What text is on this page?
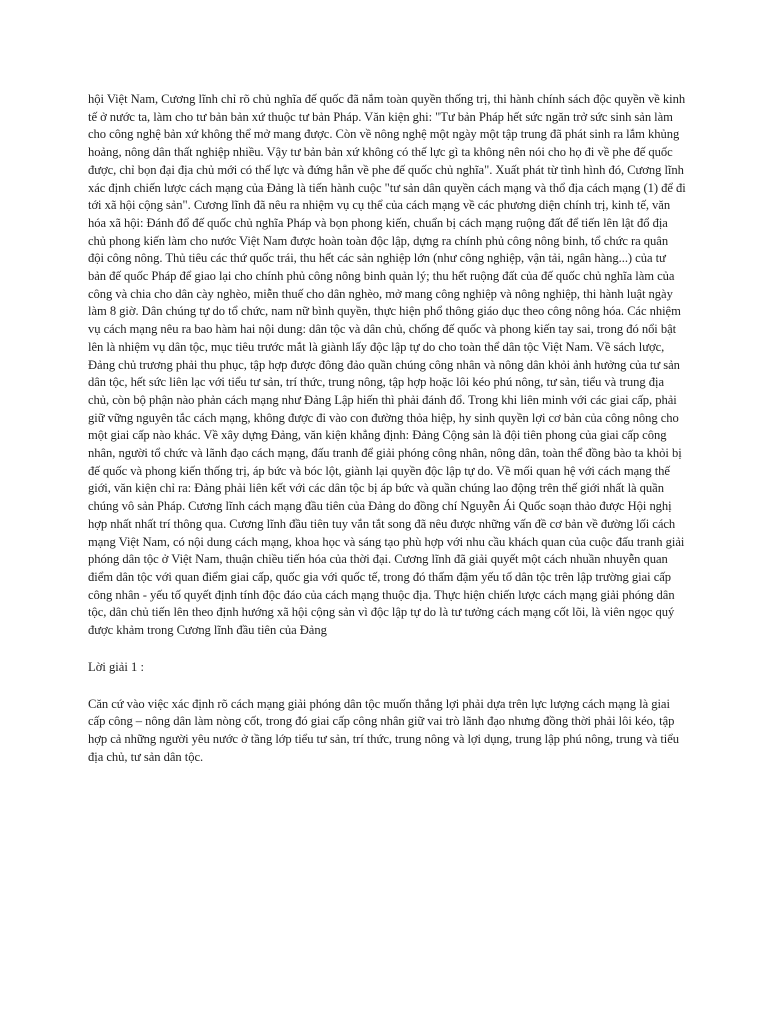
hội Việt Nam, Cương lĩnh chỉ rõ chủ nghĩa đế quốc đã nắm toàn quyền thống trị, thi hành chính sách độc quyền về kinh tế ở nước ta, làm cho tư bản bản xứ thuộc tư bản Pháp. Văn kiện ghi: "Tư bản Pháp hết sức ngăn trở sức sinh sản làm cho công nghệ bản xứ không thể mở mang được. Còn về nông nghệ một ngày một tập trung đã phát sinh ra lắm khủng hoảng, nông dân thất nghiệp nhiều. Vậy tư bản bản xứ không có thế lực gì ta không nên nói cho họ đi về phe đế quốc được, chỉ bọn đại địa chủ mới có thế lực và đứng hẳn về phe đế quốc chủ nghĩa". Xuất phát từ tình hình đó, Cương lĩnh xác định chiến lược cách mạng của Đảng là tiến hành cuộc "tư sản dân quyền cách mạng và thổ địa cách mạng (1) để đi tới xã hội cộng sản". Cương lĩnh đã nêu ra nhiệm vụ cụ thể của cách mạng về các phương diện chính trị, kinh tế, văn hóa xã hội: Đánh đổ đế quốc chủ nghĩa Pháp và bọn phong kiến, chuẩn bị cách mạng ruộng đất để tiến lên lật đổ địa chủ phong kiến làm cho nước Việt Nam được hoàn toàn độc lập, dựng ra chính phủ công nông binh, tổ chức ra quân đội công nông. Thủ tiêu các thứ quốc trái, thu hết các sản nghiệp lớn (như công nghiệp, vận tải, ngân hàng...) của tư bản đế quốc Pháp để giao lại cho chính phủ công nông binh quản lý; thu hết ruộng đất của đế quốc chủ nghĩa làm của công và chia cho dân cày nghèo, miễn thuế cho dân nghèo, mở mang công nghiệp và nông nghiệp, thi hành luật ngày làm 8 giờ. Dân chúng tự do tổ chức, nam nữ bình quyền, thực hiện phổ thông giáo dục theo công nông hóa. Các nhiệm vụ cách mạng nêu ra bao hàm hai nội dung: dân tộc và dân chủ, chống đế quốc và phong kiến tay sai, trong đó nổi bật lên là nhiệm vụ dân tộc, mục tiêu trước mắt là giành lấy độc lập tự do cho toàn thể dân tộc Việt Nam. Về sách lược, Đảng chủ trương phải thu phục, tập hợp được đông đảo quần chúng công nhân và nông dân khỏi ảnh hưởng của tư sản dân tộc, hết sức liên lạc với tiểu tư sản, trí thức, trung nông, tập hợp hoặc lôi kéo phú nông, tư sản, tiểu và trung địa chủ, còn bộ phận nào phản cách mạng như Đảng Lập hiến thì phải đánh đổ. Trong khi liên minh với các giai cấp, phải giữ vững nguyên tắc cách mạng, không được đi vào con đường thỏa hiệp, hy sinh quyền lợi cơ bản của công nông cho một giai cấp nào khác. Về xây dựng Đảng, văn kiện khẳng định: Đảng Cộng sản là đội tiên phong của giai cấp công nhân, người tổ chức và lãnh đạo cách mạng, đấu tranh để giải phóng công nhân, nông dân, toàn thể đồng bào ta khỏi bị đế quốc và phong kiến thống trị, áp bức và bóc lột, giành lại quyền độc lập tự do. Về mối quan hệ với cách mạng thế giới, văn kiện chỉ ra: Đảng phải liên kết với các dân tộc bị áp bức và quần chúng lao động trên thế giới nhất là quần chúng vô sản Pháp. Cương lĩnh cách mạng đầu tiên của Đảng do đồng chí Nguyễn Ái Quốc soạn thảo được Hội nghị hợp nhất nhất trí thông qua. Cương lĩnh đầu tiên tuy vắn tắt song đã nêu được những vấn đề cơ bản về đường lối cách mạng Việt Nam, có nội dung cách mạng, khoa học và sáng tạo phù hợp với nhu cầu khách quan của cuộc đấu tranh giải phóng dân tộc ở Việt Nam, thuận chiều tiến hóa của thời đại. Cương lĩnh đã giải quyết một cách nhuần nhuyễn quan điểm dân tộc với quan điểm giai cấp, quốc gia với quốc tế, trong đó thấm đậm yếu tố dân tộc trên lập trường giai cấp công nhân - yếu tố quyết định tính độc đáo của cách mạng thuộc địa. Thực hiện chiến lược cách mạng giải phóng dân tộc, dân chủ tiến lên theo định hướng xã hội cộng sản vì độc lập tự do là tư tưởng cách mạng cốt lõi, là viên ngọc quý được khảm trong Cương lĩnh đầu tiên của Đảng

Lời giải 1 :

Căn cứ vào việc xác định rõ cách mạng giải phóng dân tộc muốn thắng lợi phải dựa trên lực lượng cách mạng là giai cấp công – nông dân làm nòng cốt, trong đó giai cấp công nhân giữ vai trò lãnh đạo nhưng đồng thời phải lôi kéo, tập hợp cả những người yêu nước ở tầng lớp tiểu tư sản, trí thức, trung nông và lợi dụng, trung lập phú nông, trung và tiểu địa chủ, tư sản dân tộc.
